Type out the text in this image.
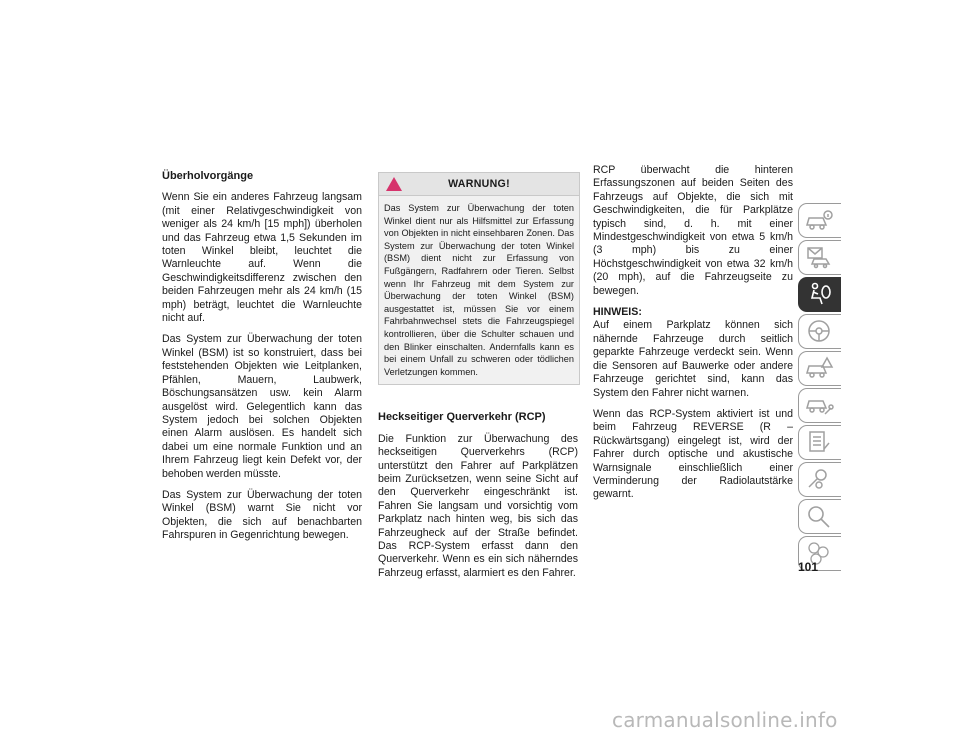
Überholvorgänge

Wenn Sie ein anderes Fahrzeug langsam (mit einer Relativgeschwindigkeit von weniger als 24 km/h [15 mph]) überholen und das Fahrzeug etwa 1,5 Sekunden im toten Winkel bleibt, leuchtet die Warnleuchte auf. Wenn die Geschwindigkeitsdifferenz zwischen den beiden Fahrzeugen mehr als 24 km/h (15 mph) beträgt, leuchtet die Warnleuchte nicht auf.

Das System zur Überwachung der toten Winkel (BSM) ist so konstruiert, dass bei feststehenden Objekten wie Leitplanken, Pfählen, Mauern, Laubwerk, Böschungsansätzen usw. kein Alarm ausgelöst wird. Gelegentlich kann das System jedoch bei solchen Objekten einen Alarm auslösen. Es handelt sich dabei um eine normale Funktion und an Ihrem Fahrzeug liegt kein Defekt vor, der behoben werden müsste.

Das System zur Überwachung der toten Winkel (BSM) warnt Sie nicht vor Objekten, die sich auf benachbarten Fahrspuren in Gegenrichtung bewegen.

WARNUNG!
Das System zur Überwachung der toten Winkel dient nur als Hilfsmittel zur Erfassung von Objekten in nicht einsehbaren Zonen. Das System zur Überwachung der toten Winkel (BSM) dient nicht zur Erfassung von Fußgängern, Radfahrern oder Tieren. Selbst wenn Ihr Fahrzeug mit dem System zur Überwachung der toten Winkel (BSM) ausgestattet ist, müssen Sie vor einem Fahrbahnwechsel stets die Fahrzeugspiegel kontrollieren, über die Schulter schauen und den Blinker einschalten. Andernfalls kann es bei einem Unfall zu schweren oder tödlichen Verletzungen kommen.
Heckseitiger Querverkehr (RCP)

Die Funktion zur Überwachung des heckseitigen Querverkehrs (RCP) unterstützt den Fahrer auf Parkplätzen beim Zurücksetzen, wenn seine Sicht auf den Querverkehr eingeschränkt ist. Fahren Sie langsam und vorsichtig vom Parkplatz nach hinten weg, bis sich das Fahrzeugheck auf der Straße befindet. Das RCP-System erfasst dann den Querverkehr. Wenn es ein sich näherndes Fahrzeug erfasst, alarmiert es den Fahrer.

RCP überwacht die hinteren Erfassungszonen auf beiden Seiten des Fahrzeugs auf Objekte, die sich mit Geschwindigkeiten, die für Parkplätze typisch sind, d. h. mit einer Mindestgeschwindigkeit von etwa 5 km/h (3 mph) bis zu einer Höchstgeschwindigkeit von etwa 32 km/h (20 mph), auf die Fahrzeugseite zu bewegen.

HINWEIS:
Auf einem Parkplatz können sich nähernde Fahrzeuge durch seitlich geparkte Fahrzeuge verdeckt sein. Wenn die Sensoren auf Bauwerke oder andere Fahrzeuge gerichtet sind, kann das System den Fahrer nicht warnen.

Wenn das RCP-System aktiviert ist und beim Fahrzeug REVERSE (R – Rückwärtsgang) eingelegt ist, wird der Fahrer durch optische und akustische Warnsignale einschließlich einer Verminderung der Radiolautstärke gewarnt.

101
carmanualsonline.info
